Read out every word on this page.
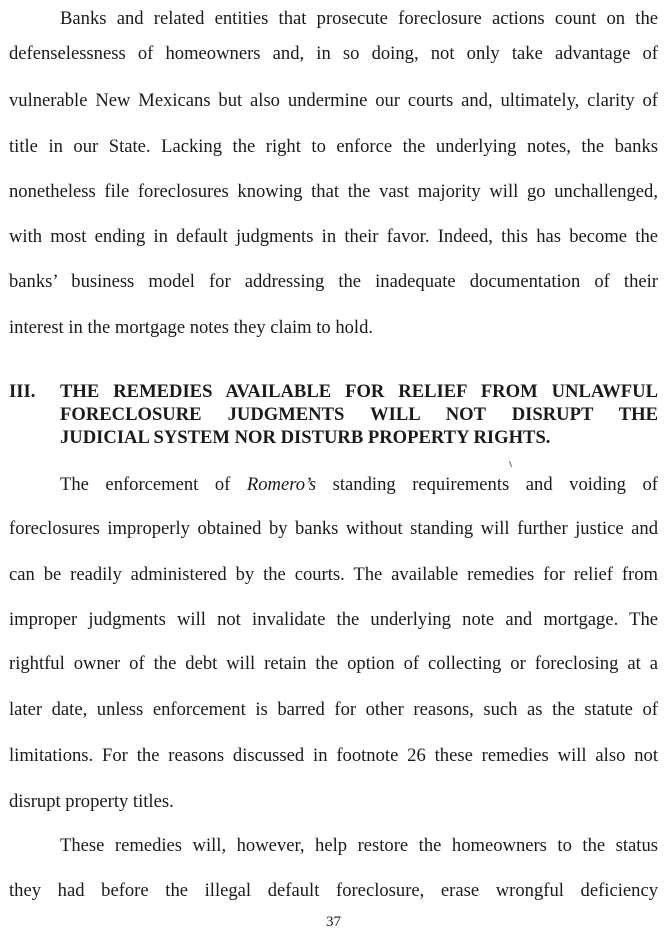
Banks and related entities that prosecute foreclosure actions count on the
defenselessness of homeowners and, in so doing, not only take advantage of
vulnerable New Mexicans but also undermine our courts and, ultimately, clarity of
title in our State. Lacking the right to enforce the underlying notes, the banks
nonetheless file foreclosures knowing that the vast majority will go unchallenged,
with most ending in default judgments in their favor. Indeed, this has become the
banks’ business model for addressing the inadequate documentation of their
interest in the mortgage notes they claim to hold.
III. THE REMEDIES AVAILABLE FOR RELIEF FROM UNLAWFUL
FORECLOSURE JUDGMENTS WILL NOT DISRUPT THE
JUDICIAL SYSTEM NOR DISTURB PROPERTY RIGHTS.
The enforcement of Romero’s standing requirements and voiding of
foreclosures improperly obtained by banks without standing will further justice and
can be readily administered by the courts. The available remedies for relief from
improper judgments will not invalidate the underlying note and mortgage. The
rightful owner of the debt will retain the option of collecting or foreclosing at a
later date, unless enforcement is barred for other reasons, such as the statute of
limitations. For the reasons discussed in footnote 26 these remedies will also not
disrupt property titles.
These remedies will, however, help restore the homeowners to the status
they had before the illegal default foreclosure, erase wrongful deficiency
37
